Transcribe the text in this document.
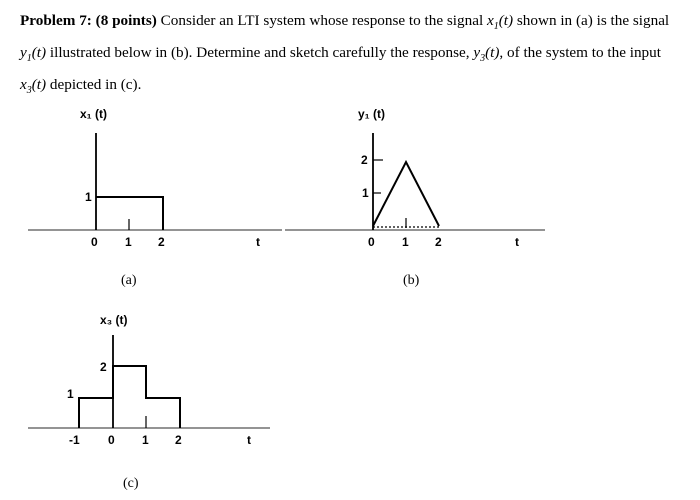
Problem 7: (8 points) Consider an LTI system whose response to the signal $x_1(t)$ shown in (a) is the signal
$y_1(t)$ illustrated below in (b). Determine and sketch carefully the response, $y_3(t)$, of the system to the input
$x_3(t)$ depicted in (c).
x₁ (t)
1
0 1 2	t
(a)
y₁ (t)
2
1
0 1 2	t
(b)
x₃ (t)
2
1
-1 0 1 2	t
(c)
